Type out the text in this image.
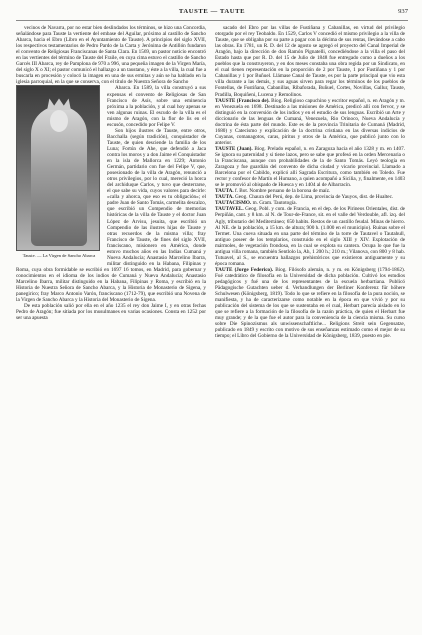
TAUSTE — TAUTE	937

vecinos de Navarra, por no estar bien deslindados los términos, se hizo una Concordia, señalándose para Tauste la vertiente del embase del Aguilar, próximo al castillo de Sancho Abarca, hacia el Ebro (Libro en el Ayuntamiento de Tauste). A principios del siglo XVII, los respectivos testamentarios de Pedro Pardo de la Carta y Jerónima de Antillón fundaron el convento de Religiosas Franciscanas de Santa Clara. En 1569, un pastor noticio encontró en las vertientes del término de Tauste del Fraile, en cuya cima estuvo el castillo de Sancho Garcés III Abarca, rey de Pamplona de 970 a 996, una pequeña imagen de la Virgen María, del siglo X o XI; el pastor comunicó el hallazgo a un taustano, y éste a la villa, la cual fue a buscarla en procesión y colocó la imagen en una de sus ermitas y aún se ha hablado en la iglesia parroquial, en la que se conserva, con el título de Nuestra Señora de Sancho

Tauste. — La Virgen de Sancho Abarca

Abarca. En 1589, la villa construyó a sus expensas el convento de Religiosas de San Francisco de Asís, sobre una eminencia próxima a la población, y al cual hoy apenas se ven algunas ruinas. El escudo de la villa es el mismo de Aragón, con la flor de lis en el escusón, concedido por Felipe V.

Son hijos ilustres de Tauste, entre otros, Bacchalla (según tradición), conquistador de Tauste, de quien desciende la familia de los Luna; Fortún de Ahe, que defendió a Jaca contra los moros y a don Jaime el Conquistador en la isla de Mallorca en 1229; Antonio Germán, partidario con fue del Felipe V, que, posesionado de la villa de Aragón, renunció a otros privilegios, por lo cual, mereció la horca del archiduque Carlos, y tuvo que desterrarse, el que sabe su vida, cuyos valores para decirle: «calla y ahorca, que eso es tu obligación»; el padre Juan de Santo Tomás, carmelita descalzo, que escribió un Compendio de memorias históricas de la villa de Tauste y el doctor Juan López de Arvisu, jesuita, que escribió un Compendio de las ilustres hijas de Tauste y otras recuerdos de la misma villa; fray Francisco de Tauste, de fines del siglo XVII, franciscano, misionero en América, donde estuvo muchos años en las Indias Cumaná y Nueva Andalucía; Anastasio Marcelino Ibarra, militar distinguido en la Habana, Filipinas y Roma, cuya obra formidable se escribió en 1697 16 tomos, en Madrid, para gobernar y conocimientos en el idioma de los indios de Cumaná y Nueva Andalucía; Anastasio Marcelino Ibarra, militar distinguido en la Habana, Filipinas y Roma, y escribió en la Historia de Nuestra Señora de Sancho Abarca, y la Historia de Monasterio de Sigena, y panegirico; fray Marco Antonio Varón, franciscano (1712-79), que escribió una Novena de la Virgen de Sancho Abarca y la Historia del Monasterio de Sigena.

De esta población salió por ella en el año 1235 el rey don Jaime I, y en otras fechas Pedro de Aragón; fue sitiada por los musulmanes en varias ocasiones. Consta en 1252 por ser una apuesta

sacado del Ebro por las villas de Fustiñana y Cabanillas, en virtud del privilegio otorgado por el rey Teobaldo. En 1529, Carlos V concedió el mismo privilegio a la villa de Tauste, que se obligaba por su parte a pagar con la décima de sus rentas, llevándose a cabo las obras. En 1781, un R. D. del 12 de agosto se agregó el proyecto del Canal Imperial de Aragón, bajo la dirección de don Ramón Pignatelli, concediéndose a la villa el paso del Estado hasta que por R. D. del 15 de Julio de 1848 fue entregado como a dueños a los pueblos que la construyeron, y en dos meses constaba una obra regida por un Sindicato, en el cual tienen representación en la proporción de 2 por Tauste, 1 por Fustiñana y 1 por Cabanillas y 1 por Buñuel. Llámase Canal de Tauste, es por la parte principal que vio esta villa durante a las demás, y sus aguas sirven para regar los términos de los pueblos de Fontellas, de Fustiñana, Cabanillas, Ribaforada, Buñuel, Cortes, Novillas, Gallur, Tauste, Pradilla, Boquiñeni, Lucena y Remolinos.

TAUSTE (Francisco de). Biog. Religioso capuchino y escritor español, n. en Aragón y m. en Venezuela en 1698. Destinado a las misiones de América, predicó allí con fervor, y se distinguió en la conversión de los indios y en el estudio de sus lenguas. Escribió un Arte y diccionario de las lenguas de Cumaná, Venezuela, Rio Orinoco, Nueva Andalucía y doctrina de ésta parte del mundo. Este es de la provincia Trinitaria de Cumaná (Madrid, 1680) y Catecismo y explicación de la doctrina cristiana en las diversas indicios de Cuyanas, comanagotos, caras, piritus y otros de la América, que publicó junto con lo anterior.

TAUSTE (Juan). Biog. Prelado español, n. en Zaragoza hacia el año 1328 y m. en 1407. Se ignora su paternidad y si tiene lazos, pero se sabe que profesó en la orden Mercenaria o la Franciscana, aunque con probabilidades de la de Santo Tomás. Leyó teología en Zaragoza y fue guardián del convento de dicha ciudad y vicario provincial. Llamado a Barcelona por el Cabildo, explicó allí Sagrada Escritura, como también en Toledo. Fue rector y confesor de Martín el Humano, a quien acompañó a Sicilia, y, finalmente, en 1403 se le promovió al obispado de Huesca y en 1404 al de Albarracín.

TAUTA. f. Bot. Nombre peruano de la borona de maíz.

TAUTA. Geog. Chaura del Perú, dep. de Lima, provincia de Yauyos, dist. de Hualtec.

TAUTACISMO. m. Gram. Tautotogía.

TAUTAVEL. Geog. Pobl. y com. de Francia, en el dep. de los Pirineos Orientales, dist. de Perpiñán, cant. y 8 km. al N. de Tour-de-France, sit. en el valle del Verdouble, afl. izq. del Agly, tributario del Mediterráneo; 650 habits. Restos de un castillo feudal. Minas de hierro. Al NE. de la población, a 15 km. de altura; 900 h. (1.000 en el municipio). Ruinas sobre el Termet. Una cueva situada en una parte del término de la torre de Tautavel o Tautahull, antiguo poseer de los templarios, construido en el siglo XIII y XIV. Explotación de mármoles, de vegetación frondosa, en la cual se explota su cantera. Ocupa lo que fue la antigua villa romana, también Sentlolo la, Ah, 1 200 h.; 210 m.; Vilanova, con 800 y 8 hab. Tutuavel, al S., se encuentra hallazgos prehistóricos que existieron antiguamente y su época romana.

TAUTE (Jorge Federico). Biog. Filósofo alemán, n. y m. en Königsberg (1794-1862). Fué catedrático de filosofía en la Universidad de dicha población. Cultivó los estudios pedagógicos y fué una de los representantes de la escuela herbartiana. Publicó Pädagogische Gutachten ueber d. Verhandlungen der Berliner Konferenz für höhere Schulwesen (Königsberg, 1819). Todo lo que se refiere en la filosofía de la pura noción, se manifiesta, y ha de caracterizarse como notable en la época en que vivió y por su publicación del sistema de los que se sustentaba en el cual, Herbart parecía aislado en lo que se refiere a la formación de la filosofía de la razón práctica, de quien el Herbart fue muy grande; y de la que fue el autor para la conveniencia de la ciencia misma. Su curso sobre Die Spinozismus als unwissenschaftliche... Religions Streit sein Gegensatze, publicado en 1849 y escrito con motivo de sus enseñanzas estimado como el mejor de su tiempo; el Libro del Gobierno de la Universidad de Königsberg, 1839, puesto en pie.
